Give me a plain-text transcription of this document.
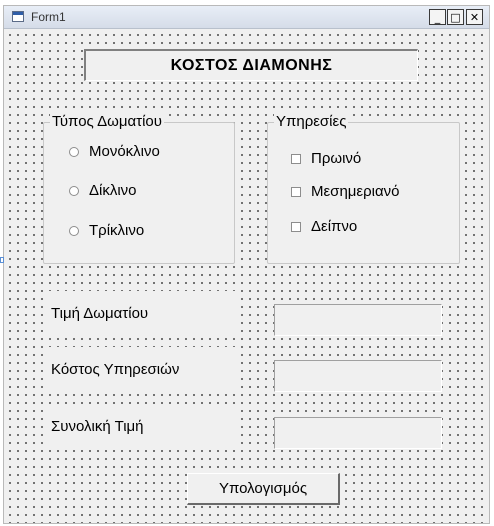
Form1	_ □ ✕
ΚΟΣΤΟΣ ΔΙΑΜΟΝΗΣ
Τύπος Δωματίου
Μονόκλινο
Δίκλινο
Τρίκλινο
Υπηρεσίες
Πρωινό
Μεσημεριανό
Δείπνο
Τιμή Δωματίου
Κόστος Υπηρεσιών
Συνολική Τιμή
Υπολογισμός
